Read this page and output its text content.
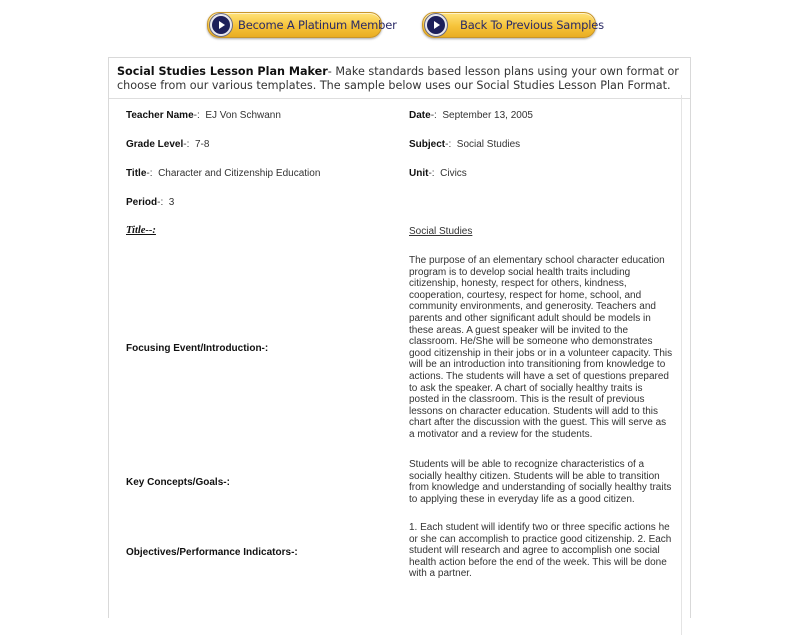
Become A Platinum Member	Back To Previous Samples
Social Studies Lesson Plan Maker- Make standards based lesson plans using your own format or choose from our various templates. The sample below uses our Social Studies Lesson Plan Format.
Teacher Name-: EJ Von Schwann	Date-: September 13, 2005
Grade Level-: 7-8	Subject-: Social Studies
Title-: Character and Citizenship Education	Unit-: Civics
Period-: 3
Title--:	Social Studies
Focusing Event/Introduction-:
The purpose of an elementary school character education program is to develop social health traits including citizenship, honesty, respect for others, kindness, cooperation, courtesy, respect for home, school, and community environments, and generosity. Teachers and parents and other significant adult should be models in these areas. A guest speaker will be invited to the classroom. He/She will be someone who demonstrates good citizenship in their jobs or in a volunteer capacity. This will be an introduction into transitioning from knowledge to actions. The students will have a set of questions prepared to ask the speaker. A chart of socially healthy traits is posted in the classroom. This is the result of previous lessons on character education. Students will add to this chart after the discussion with the guest. This will serve as a motivator and a review for the students.
Key Concepts/Goals-:
Students will be able to recognize characteristics of a socially healthy citizen. Students will be able to transition from knowledge and understanding of socially healthy traits to applying these in everyday life as a good citizen.
Objectives/Performance Indicators-:
1. Each student will identify two or three specific actions he or she can accomplish to practice good citizenship. 2. Each student will research and agree to accomplish one social health action before the end of the week. This will be done with a partner.
